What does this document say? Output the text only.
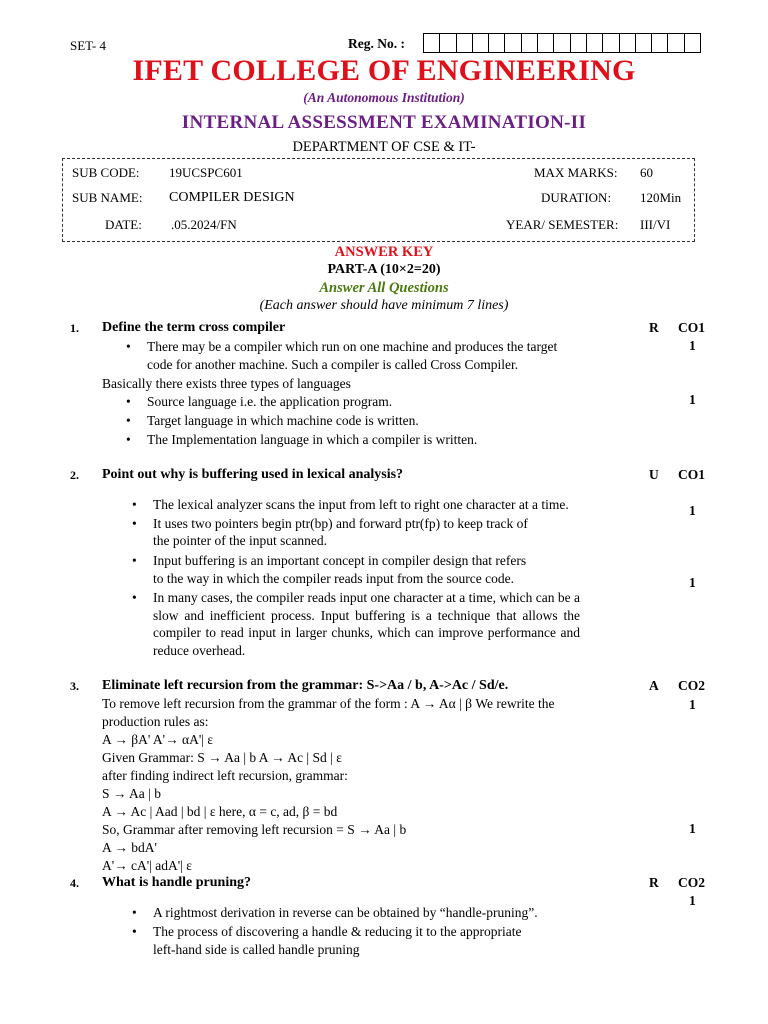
SET- 4	Reg. No. :
IFET COLLEGE OF ENGINEERING
(An Autonomous Institution)
INTERNAL ASSESSMENT EXAMINATION-II
DEPARTMENT OF CSE & IT-
SUB CODE: 19UCSPC601
SUB NAME: COMPILER DESIGN
DATE: .05.2024/FN
MAX MARKS: 60
DURATION: 120Min
YEAR/ SEMESTER: III/VI
ANSWER KEY
PART-A (10×2=20)
Answer All Questions
(Each answer should have minimum 7 lines)
1. Define the term cross compiler	R CO1
• There may be a compiler which run on one machine and produces the target
code for another machine. Such a compiler is called Cross Compiler.
1
Basically there exists three types of languages
• Source language i.e. the application program.	1
• Target language in which machine code is written.
• The Implementation language in which a compiler is written.
2. Point out why is buffering used in lexical analysis?	U CO1
• The lexical analyzer scans the input from left to right one character at a time.
• It uses two pointers begin ptr(bp) and forward ptr(fp) to keep track of
the pointer of the input scanned.
1
• Input buffering is an important concept in compiler design that refers
to the way in which the compiler reads input from the source code.	1
• In many cases, the compiler reads input one character at a time, which can be a slow and inefficient process. Input buffering is a technique that allows the compiler to read input in larger chunks, which can improve performance and reduce overhead.
3. Eliminate left recursion from the grammar: S->Aa / b, A->Ac / Sd/e.	A CO2
1
To remove left recursion from the grammar of the form : A → Aα | β We rewrite the
production rules as:
A → βA' A'→ αA'| ε
Given Grammar: S → Aa | b A → Ac | Sd | ε
after finding indirect left recursion, grammar:
S → Aa | b
A → Ac | Aad | bd | ε here, α = c, ad, β = bd
So, Grammar after removing left recursion = S → Aa | b	1
A → bdA'
A'→ cA'| adA'| ε
4. What is handle pruning?	R CO2
1
• A rightmost derivation in reverse can be obtained by “handle-pruning”.
• The process of discovering a handle & reducing it to the appropriate
left-hand side is called handle pruning
